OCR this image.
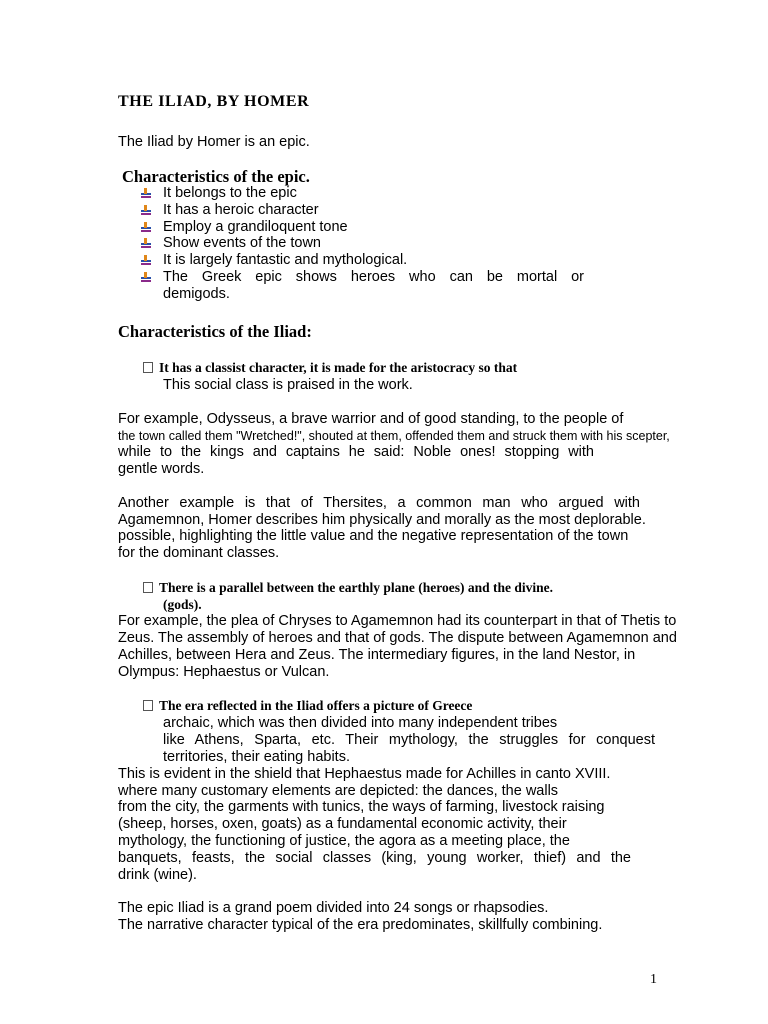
THE ILIAD, BY HOMER
The Iliad by Homer is an epic.
Characteristics of the epic.
It belongs to the epic
It has a heroic character
Employ a grandiloquent tone
Show events of the town
It is largely fantastic and mythological.
The Greek epic shows heroes who can be mortal or
demigods.
Characteristics of the Iliad:
It has a classist character, it is made for the aristocracy so that
This social class is praised in the work.
For example, Odysseus, a brave warrior and of good standing, to the people of
the town called them "Wretched!", shouted at them, offended them and struck them with his scepter,
while to the kings and captains he said: Noble ones! stopping with
gentle words.
Another example is that of Thersites, a common man who argued with
Agamemnon, Homer describes him physically and morally as the most deplorable.
possible, highlighting the little value and the negative representation of the town
for the dominant classes.
There is a parallel between the earthly plane (heroes) and the divine.
(gods).
For example, the plea of Chryses to Agamemnon had its counterpart in that of Thetis to
Zeus. The assembly of heroes and that of gods. The dispute between Agamemnon and
Achilles, between Hera and Zeus. The intermediary figures, in the land Nestor, in
Olympus: Hephaestus or Vulcan.
The era reflected in the Iliad offers a picture of Greece
archaic, which was then divided into many independent tribes
like Athens, Sparta, etc. Their mythology, the struggles for conquest
territories, their eating habits.
This is evident in the shield that Hephaestus made for Achilles in canto XVIII.
where many customary elements are depicted: the dances, the walls
from the city, the garments with tunics, the ways of farming, livestock raising
(sheep, horses, oxen, goats) as a fundamental economic activity, their
mythology, the functioning of justice, the agora as a meeting place, the
banquets, feasts, the social classes (king, young worker, thief) and the
drink (wine).
The epic Iliad is a grand poem divided into 24 songs or rhapsodies.
The narrative character typical of the era predominates, skillfully combining.
1
